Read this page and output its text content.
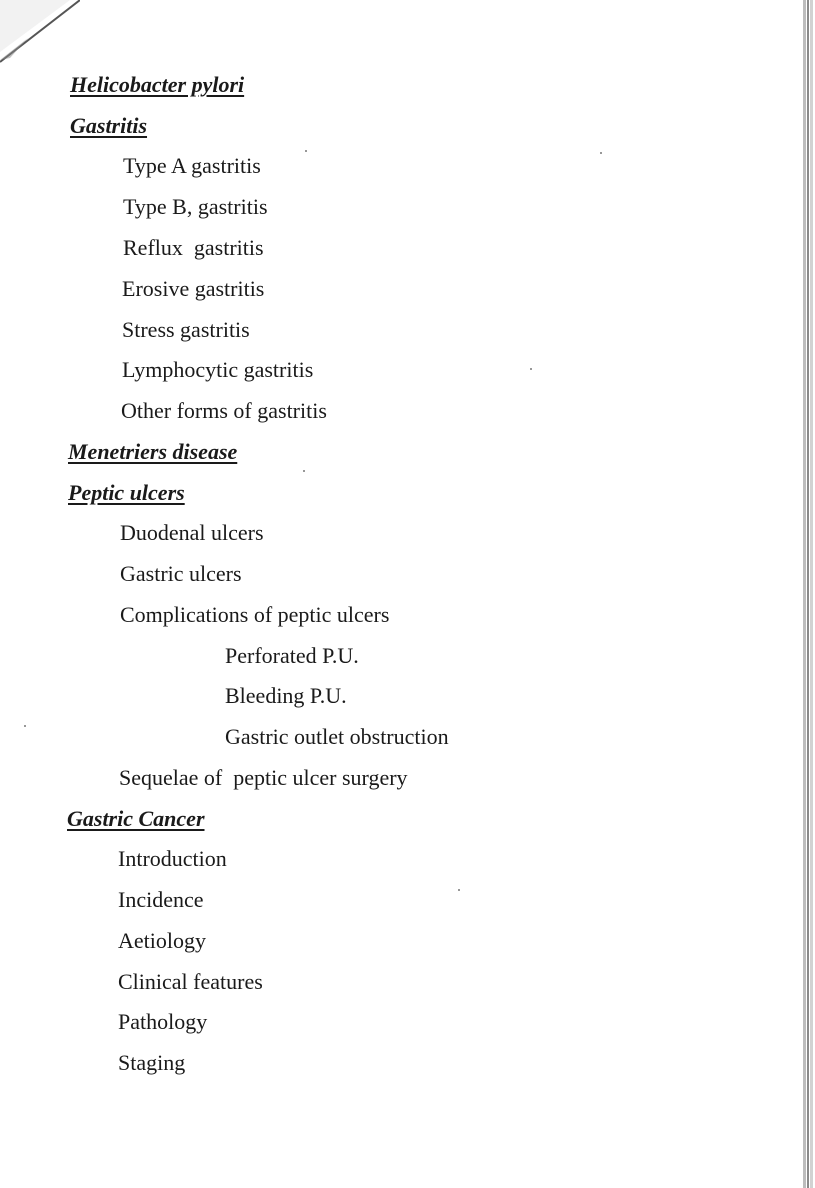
Helicobacter pylori
Gastritis
Type A gastritis
Type B, gastritis
Reflux  gastritis
Erosive gastritis
Stress gastritis
Lymphocytic gastritis
Other forms of gastritis
Menetriers disease
Peptic ulcers
Duodenal ulcers
Gastric ulcers
Complications of peptic ulcers
Perforated P.U.
Bleeding P.U.
Gastric outlet obstruction
Sequelae of  peptic ulcer surgery
Gastric Cancer
Introduction
Incidence
Aetiology
Clinical features
Pathology
Staging
